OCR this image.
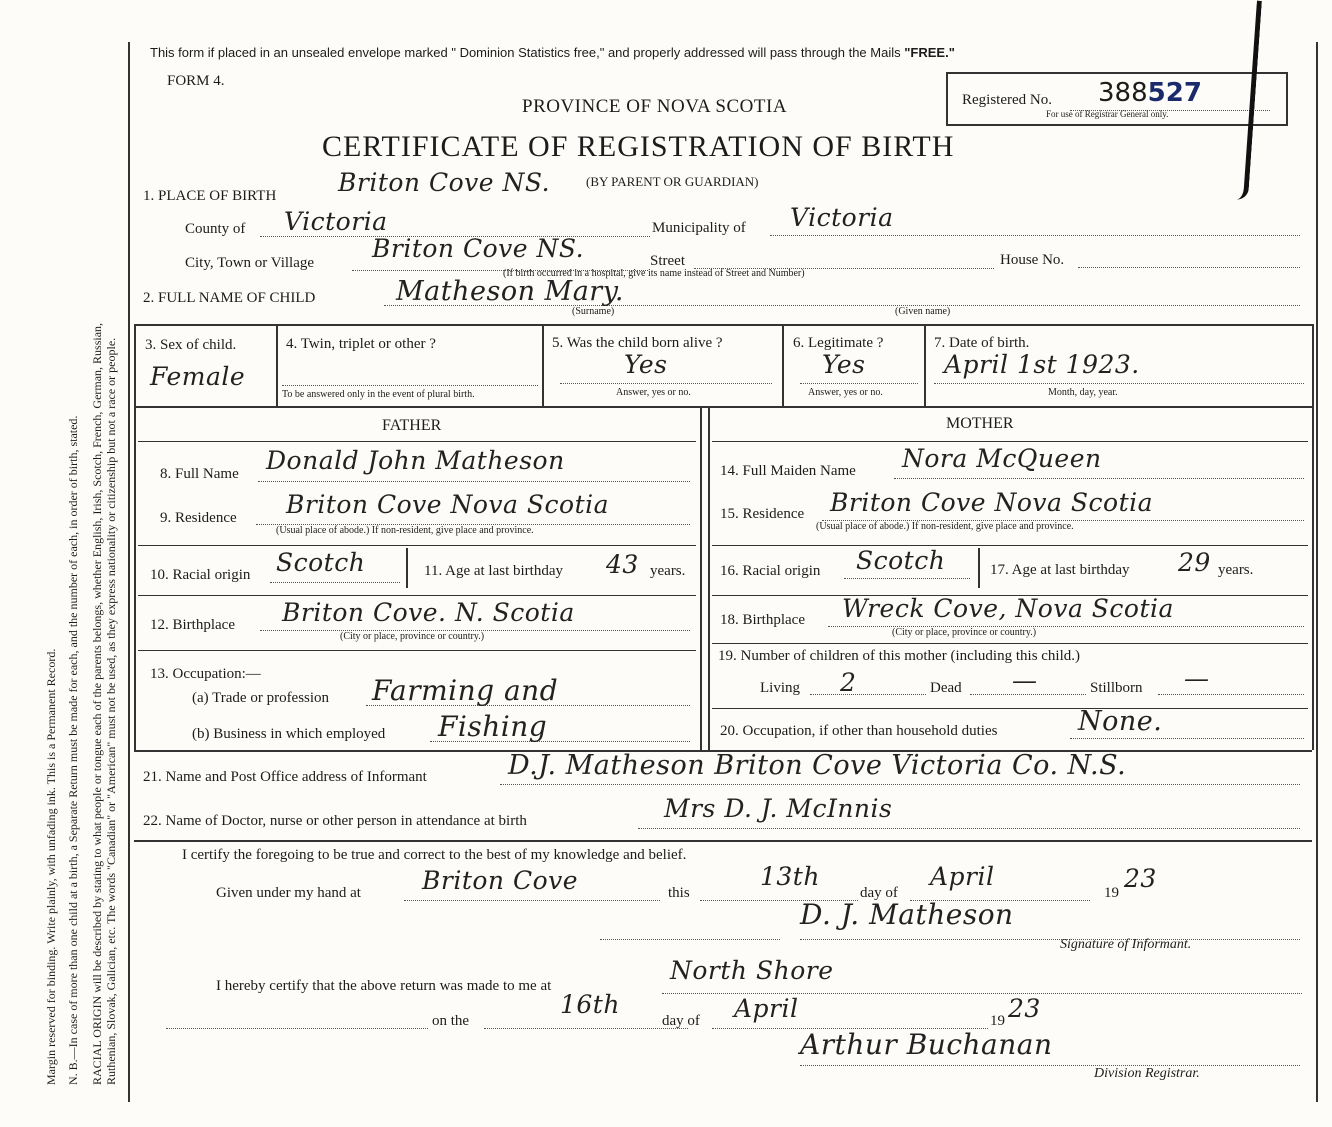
Margin reserved for binding. Write plainly, with unfading ink. This is a Permanent Record. N. B.—In case of more than one child at a birth, a Separate Return must be made for each, and the number of each, in order of birth, stated. RACIAL ORIGIN will be described by stating to what people or tongue each of the parents belongs, whether English, Irish, Scotch, French, German, Russian, Ruthenian, Slovak, Galician, etc. The words "Canadian" or "American" must not be used, as they express nationality or citizenship but not a race or people.
This form if placed in an unsealed envelope marked " Dominion Statistics free," and properly addressed will pass through the Mails "FREE."
FORM 4.
PROVINCE OF NOVA SCOTIA
CERTIFICATE OF REGISTRATION OF BIRTH
Registered No. 388527
For use of Registrar General only.
1. PLACE OF BIRTH Briton Cove NS.	(BY PARENT OR GUARDIAN)
County of Victoria	Municipality of Victoria
City, Town or Village Briton Cove NS.	Street	House No.
(If birth occurred in a hospital, give its name instead of Street and Number)
2. FULL NAME OF CHILD	Matheson Mary.
(Surname)	(Given name)
3. Sex of child.
Female
4. Twin, triplet or other ?
To be answered only in the event of plural birth.
5. Was the child born alive ?
Yes
Answer, yes or no.
6. Legitimate ?
Yes
Answer, yes or no.
7. Date of birth.
April 1st 1923.
Month, day, year.
FATHER	MOTHER
8. Full Name Donald John Matheson
9. Residence Briton Cove Nova Scotia
(Usual place of abode.) If non-resident, give place and province.
10. Racial origin Scotch	11. Age at last birthday 43 years.
12. Birthplace Briton Cove. N. Scotia
(City or place, province or country.)
13. Occupation:—
(a) Trade or profession Farming and
(b) Business in which employed Fishing
14. Full Maiden Name Nora McQueen
15. Residence Briton Cove Nova Scotia
(Usual place of abode.) If non-resident, give place and province.
16. Racial origin Scotch	17. Age at last birthday 29 years.
18. Birthplace Wreck Cove, Nova Scotia
(City or place, province or country.)
19. Number of children of this mother (including this child.)
Living 2	Dead —	Stillborn —
20. Occupation, if other than household duties	None.
21. Name and Post Office address of Informant	D.J. Matheson Briton Cove Victoria Co. N.S.
22. Name of Doctor, nurse or other person in attendance at birth	Mrs D. J. McInnis
I certify the foregoing to be true and correct to the best of my knowledge and belief.
Given under my hand at Briton Cove	this
13th
day of
April
19 23
D. J. Matheson
Signature of Informant.
I hereby certify that the above return was made to me at
North Shore
on the
16th
day of April	19 23
Arthur Buchanan
Division Registrar.
